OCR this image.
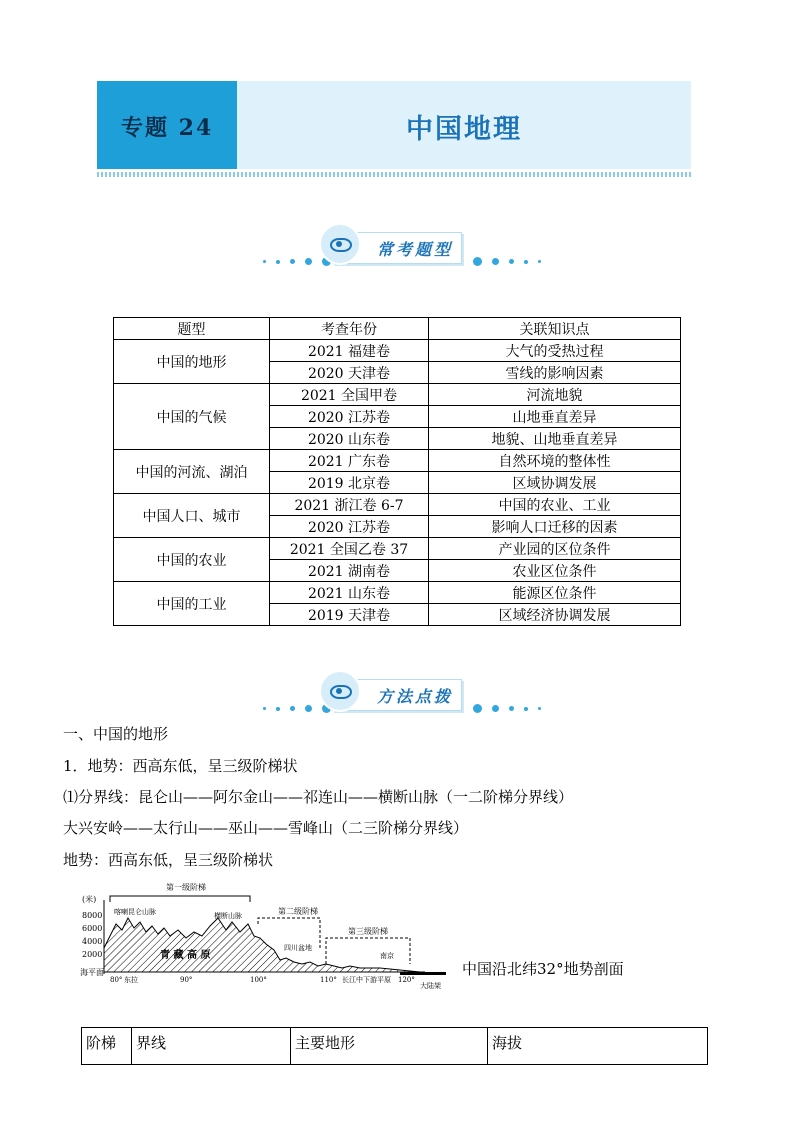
专题 24	中国地理
常考题型
题型	考查年份	关联知识点
中国的地形	2021 福建卷	大气的受热过程
	2020 天津卷	雪线的影响因素
中国的气候	2021 全国甲卷	河流地貌
	2020 江苏卷	山地垂直差异
	2020 山东卷	地貌、山地垂直差异
中国的河流、湖泊	2021 广东卷	自然环境的整体性
	2019 北京卷	区域协调发展
中国人口、城市	2021 浙江卷 6-7	中国的农业、工业
	2020 江苏卷	影响人口迁移的因素
中国的农业	2021 全国乙卷 37	产业园的区位条件
	2021 湖南卷	农业区位条件
中国的工业	2021 山东卷	能源区位条件
	2019 天津卷	区域经济协调发展
方法点拨
一、中国的地形
1．地势：西高东低，呈三级阶梯状
⑴分界线：昆仑山——阿尔金山——祁连山——横断山脉（一二阶梯分界线）
大兴安岭——太行山——巫山——雪峰山（二三阶梯分界线）
地势：西高东低，呈三级阶梯状
(米)
8000
6000
4000
2000
海平面
第一级阶梯
第二级阶梯
第三级阶梯
喀喇昆仑山脉	横断山脉
青 藏 高 原
四川盆地
南京
长江中下游平原
大陆架
80° 东拉	90°	100°	110°	120°
中国沿北纬32°地势剖面
阶梯	界线	主要地形	海拔
